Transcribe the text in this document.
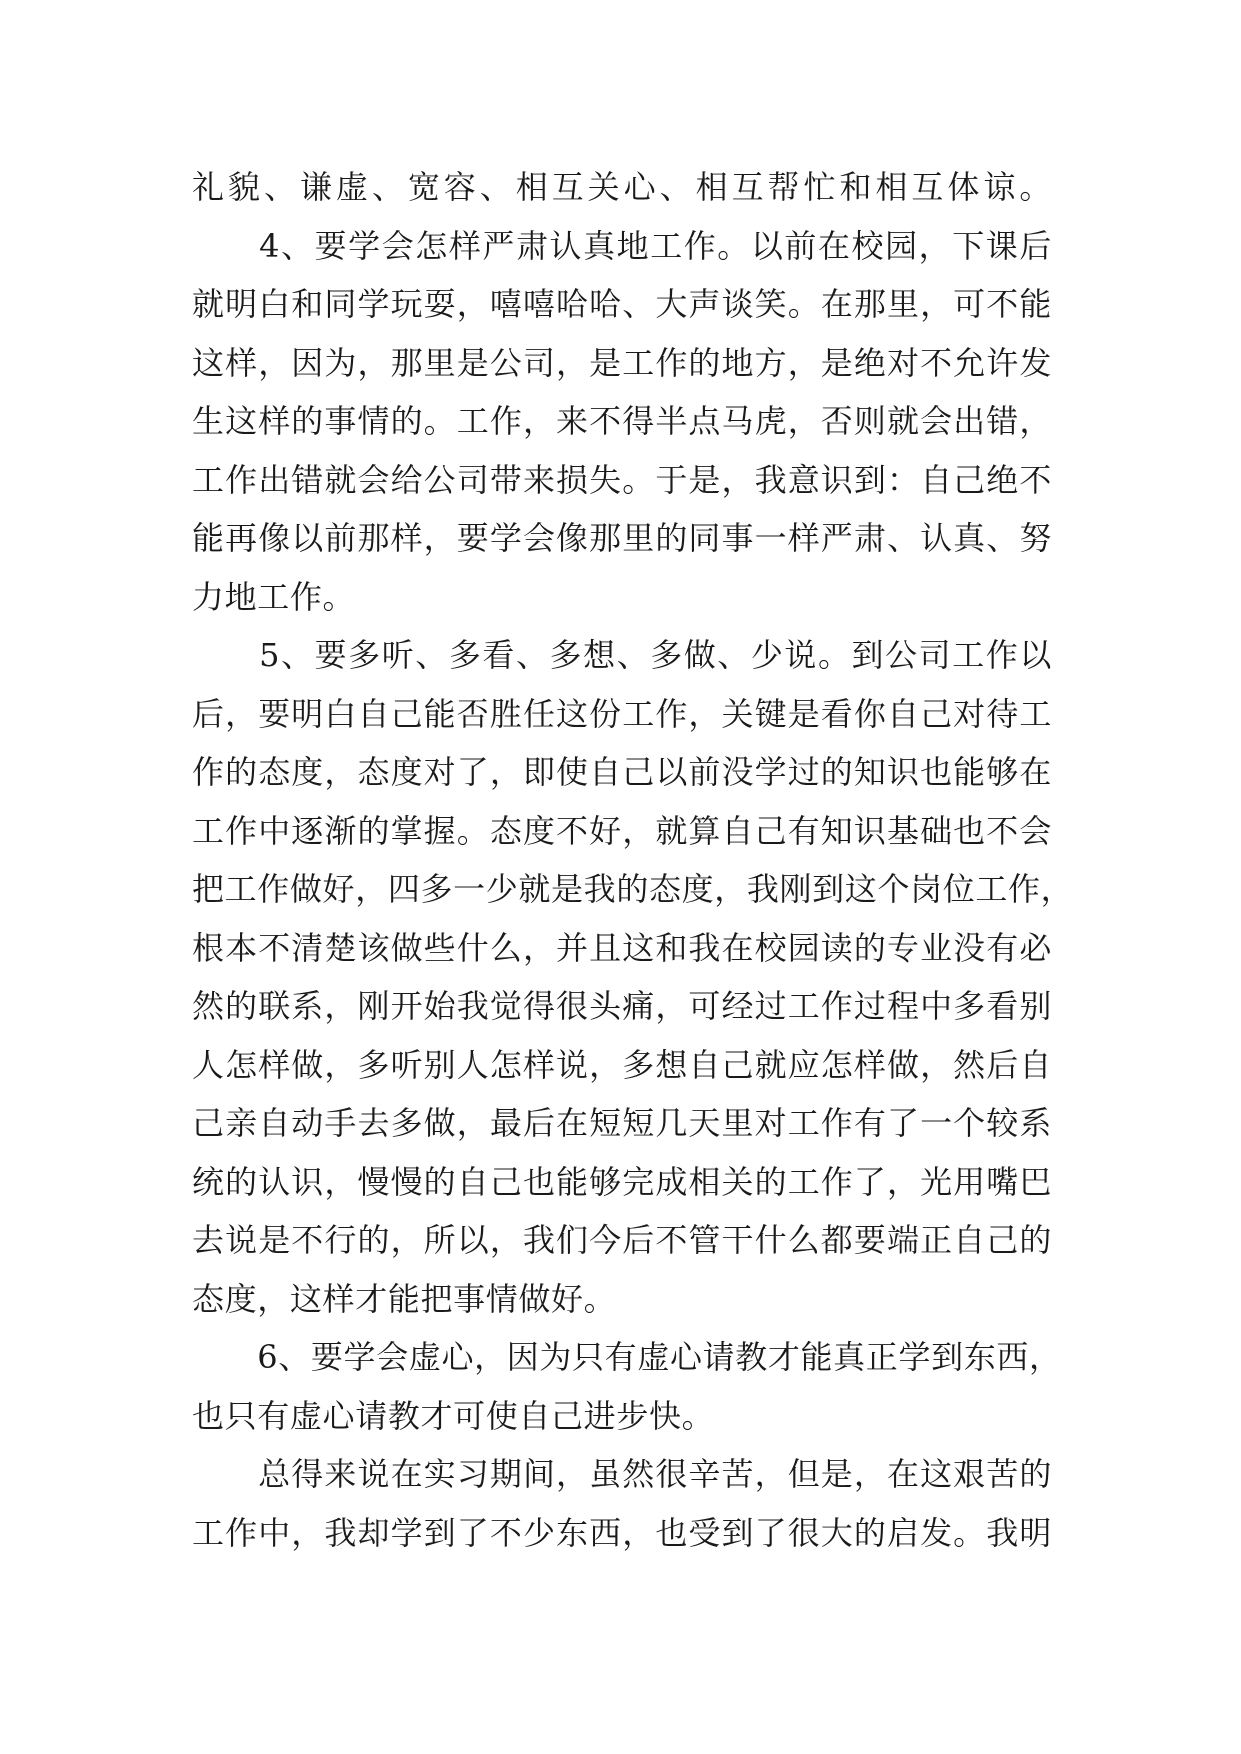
礼貌、谦虚、宽容、相互关心、相互帮忙和相互体谅。
　　4、要学会怎样严肃认真地工作。以前在校园，下课后
就明白和同学玩耍，嘻嘻哈哈、大声谈笑。在那里，可不能
这样，因为，那里是公司，是工作的地方，是绝对不允许发
生这样的事情的。工作，来不得半点马虎，否则就会出错，
工作出错就会给公司带来损失。于是，我意识到：自己绝不
能再像以前那样，要学会像那里的同事一样严肃、认真、努
力地工作。
　　5、要多听、多看、多想、多做、少说。到公司工作以
后，要明白自己能否胜任这份工作，关键是看你自己对待工
作的态度，态度对了，即使自己以前没学过的知识也能够在
工作中逐渐的掌握。态度不好，就算自己有知识基础也不会
把工作做好，四多一少就是我的态度，我刚到这个岗位工作，
根本不清楚该做些什么，并且这和我在校园读的专业没有必
然的联系，刚开始我觉得很头痛，可经过工作过程中多看别
人怎样做，多听别人怎样说，多想自己就应怎样做，然后自
己亲自动手去多做，最后在短短几天里对工作有了一个较系
统的认识，慢慢的自己也能够完成相关的工作了，光用嘴巴
去说是不行的，所以，我们今后不管干什么都要端正自己的
态度，这样才能把事情做好。
　　6、要学会虚心，因为只有虚心请教才能真正学到东西，
也只有虚心请教才可使自己进步快。
　　总得来说在实习期间，虽然很辛苦，但是，在这艰苦的
工作中，我却学到了不少东西，也受到了很大的启发。我明
